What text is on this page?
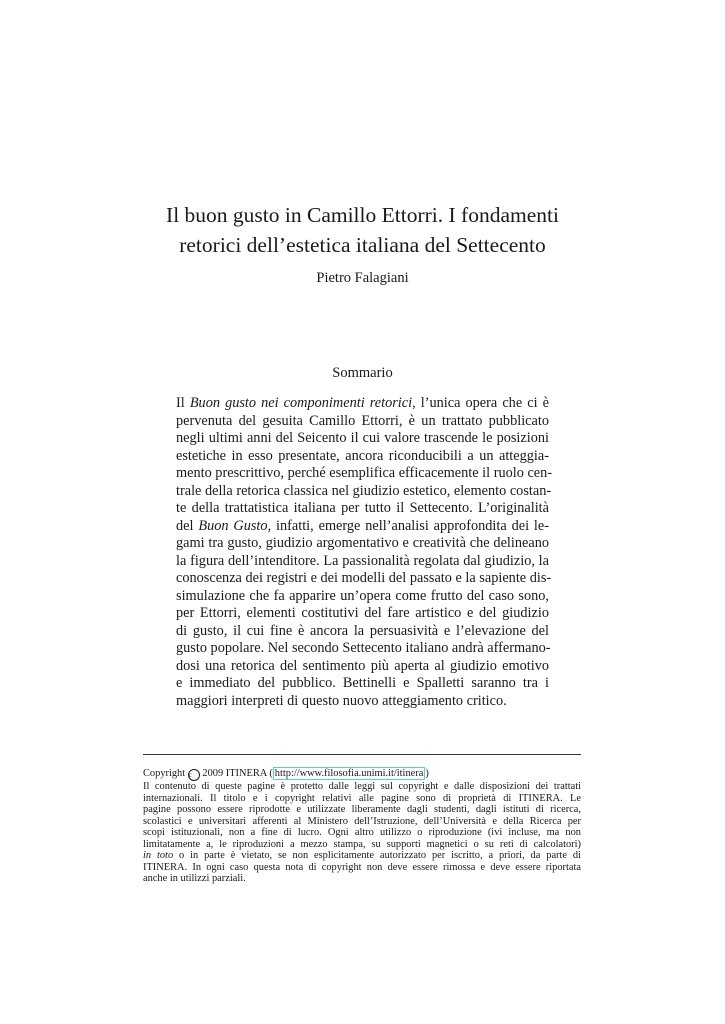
Il buon gusto in Camillo Ettorri. I fondamenti
retorici dell’estetica italiana del Settecento
Pietro Falagiani
Sommario
Il Buon gusto nei componimenti retorici, l’unica opera che ci è
pervenuta del gesuita Camillo Ettorri, è un trattato pubblicato
negli ultimi anni del Seicento il cui valore trascende le posizioni
estetiche in esso presentate, ancora riconducibili a un atteggia-
mento prescrittivo, perché esemplifica efficacemente il ruolo cen-
trale della retorica classica nel giudizio estetico, elemento costan-
te della trattatistica italiana per tutto il Settecento. L’originalità
del Buon Gusto, infatti, emerge nell’analisi approfondita dei le-
gami tra gusto, giudizio argomentativo e creatività che delineano
la figura dell’intenditore. La passionalità regolata dal giudizio, la
conoscenza dei registri e dei modelli del passato e la sapiente dis-
simulazione che fa apparire un’opera come frutto del caso sono,
per Ettorri, elementi costitutivi del fare artistico e del giudizio
di gusto, il cui fine è ancora la persuasività e l’elevazione del
gusto popolare. Nel secondo Settecento italiano andrà affermano-
dosi una retorica del sentimento più aperta al giudizio emotivo
e immediato del pubblico. Bettinelli e Spalletti saranno tra i
maggiori interpreti di questo nuovo atteggiamento critico.
Copyright c 2009 ITINERA ( http://www.filosofia.unimi.it/itinera )
Il contenuto di queste pagine è protetto dalle leggi sul copyright e dalle disposizioni dei trattati
internazionali. Il titolo e i copyright relativi alle pagine sono di proprietà di ITINERA. Le
pagine possono essere riprodotte e utilizzate liberamente dagli studenti, dagli istituti di ricerca,
scolastici e universitari afferenti al Ministero dell’Istruzione, dell’Università e della Ricerca per
scopi istituzionali, non a fine di lucro. Ogni altro utilizzo o riproduzione (ivi incluse, ma non
limitatamente a, le riproduzioni a mezzo stampa, su supporti magnetici o su reti di calcolatori)
in toto o in parte è vietato, se non esplicitamente autorizzato per iscritto, a priori, da parte di
ITINERA. In ogni caso questa nota di copyright non deve essere rimossa e deve essere riportata
anche in utilizzi parziali.
